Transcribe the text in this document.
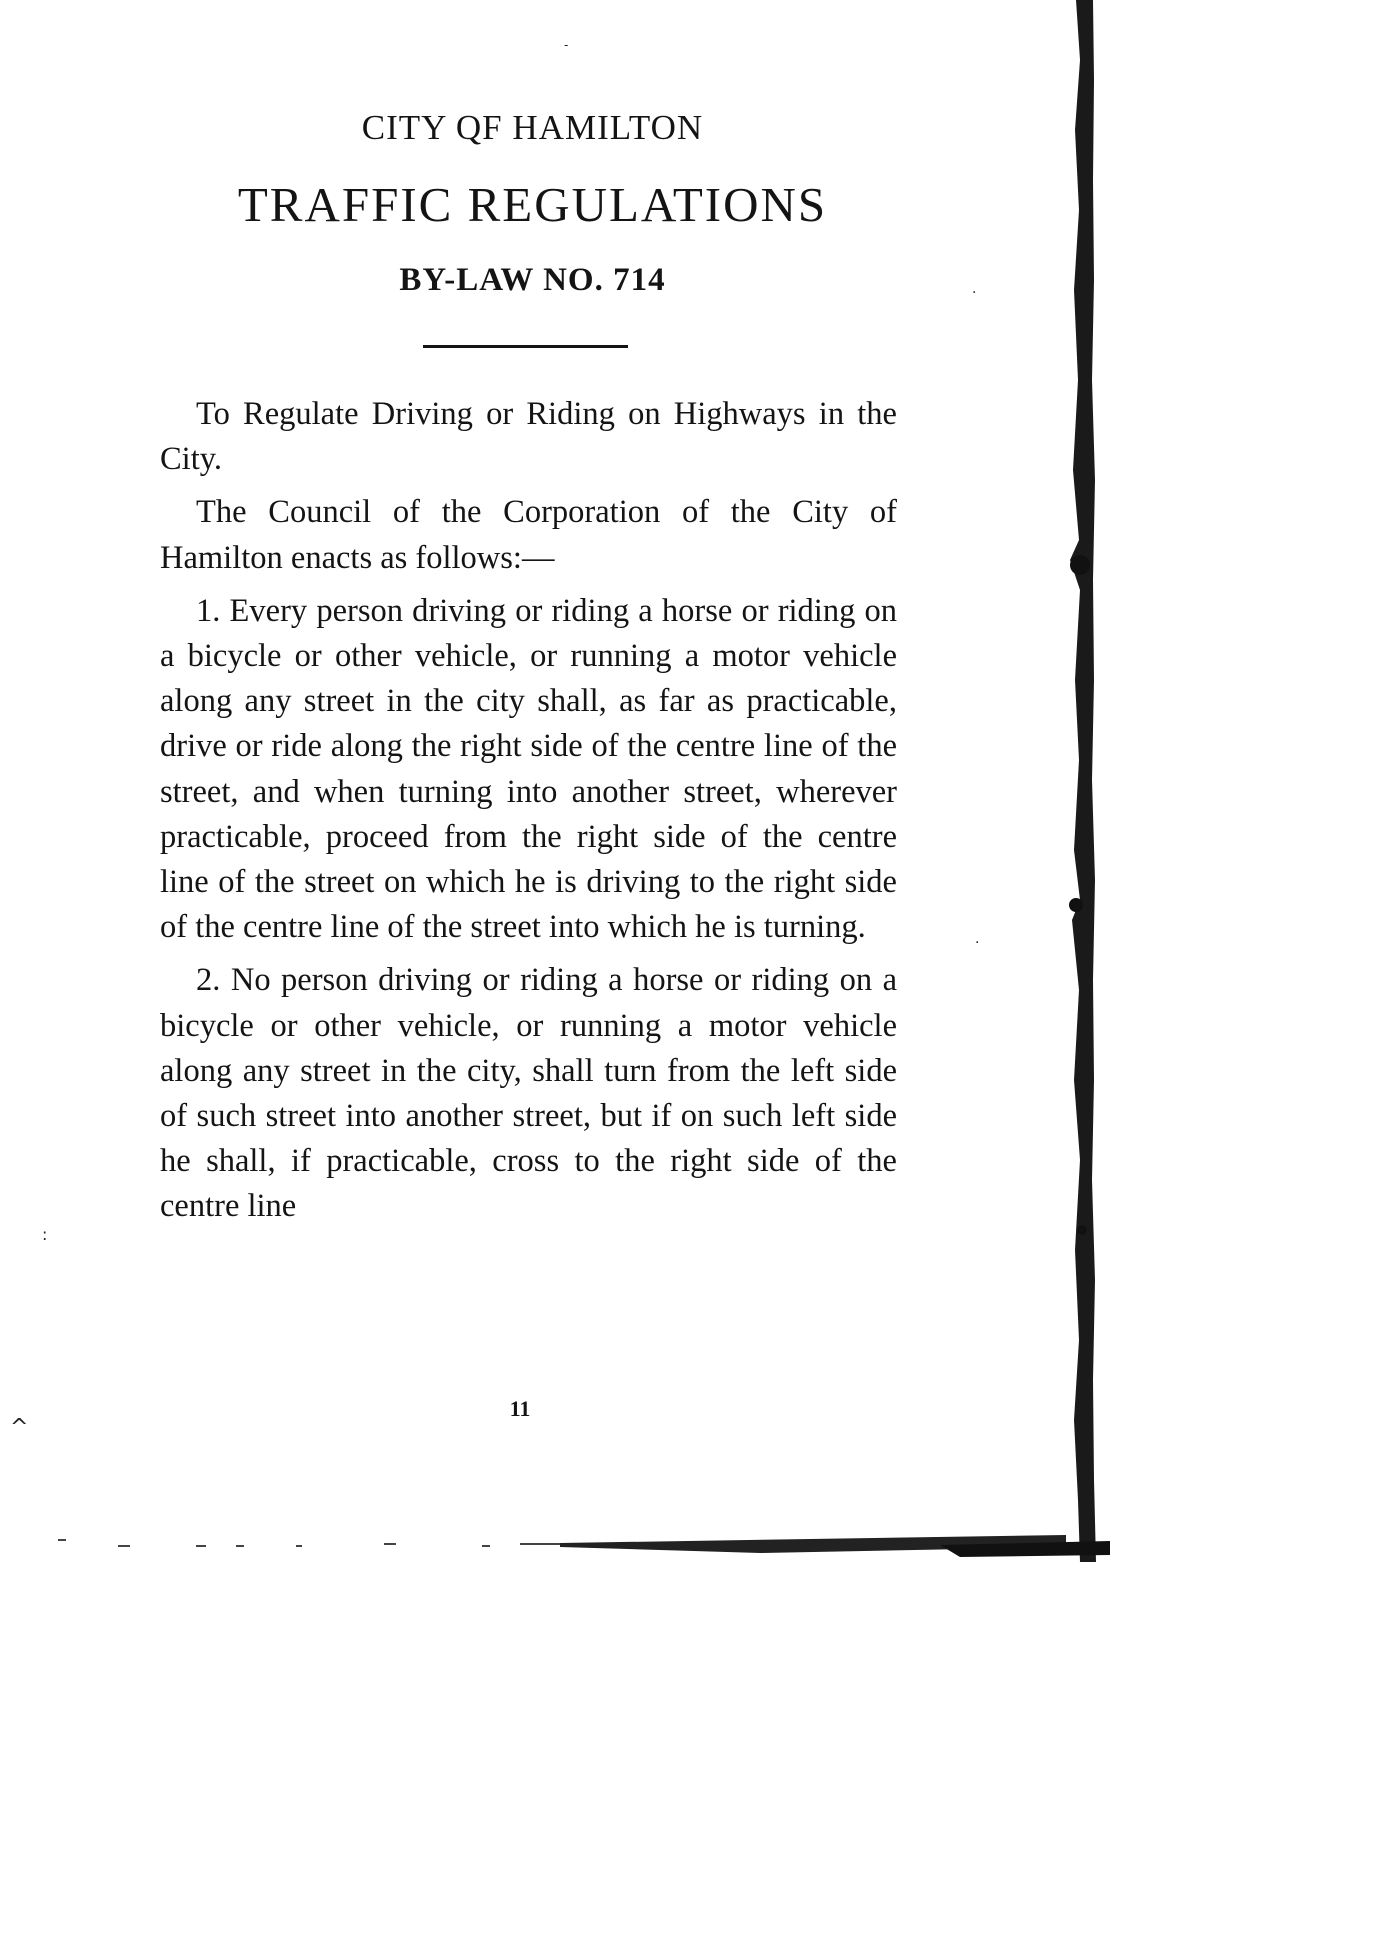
CITY QF HAMILTON
TRAFFIC REGULATIONS
BY-LAW NO. 714

To Regulate Driving or Riding on Highways in the City.

The Council of the Corporation of the City of Hamilton enacts as follows:—

1. Every person driving or riding a horse or riding on a bicycle or other vehicle, or running a motor vehicle along any street in the city shall, as far as practicable, drive or ride along the right side of the centre line of the street, and when turning into another street, wherever practicable, proceed from the right side of the centre line of the street on which he is driving to the right side of the centre line of the street into which he is turning.

2. No person driving or riding a horse or riding on a bicycle or other vehicle, or running a motor vehicle along any street in the city, shall turn from the left side of such street into another street, but if on such left side he shall, if practicable, cross to the right side of the centre line

11
-
·
·
:
^
